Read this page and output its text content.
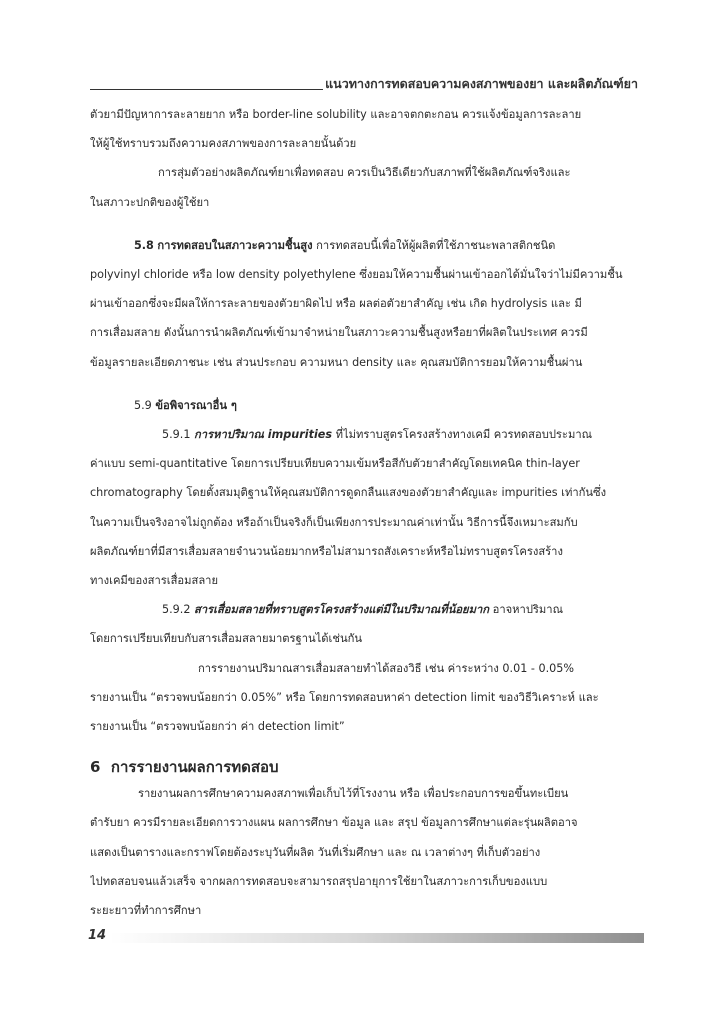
แนวทางการทดสอบความคงสภาพของยา และผลิตภัณฑ์ยา

ตัวยามีปัญหาการละลายยาก หรือ border-line solubility และอาจตกตะกอน ควรแจ้งข้อมูลการละลาย
ให้ผู้ใช้ทราบรวมถึงความคงสภาพของการละลายนั้นด้วย

การสุ่มตัวอย่างผลิตภัณฑ์ยาเพื่อทดสอบ ควรเป็นวิธีเดียวกับสภาพที่ใช้ผลิตภัณฑ์จริงและ
ในสภาวะปกติของผู้ใช้ยา

5.8 การทดสอบในสภาวะความชื้นสูง การทดสอบนี้เพื่อให้ผู้ผลิตที่ใช้ภาชนะพลาสติกชนิด
polyvinyl chloride หรือ low density polyethylene ซึ่งยอมให้ความชื้นผ่านเข้าออกได้มั่นใจว่าไม่มีความชื้น
ผ่านเข้าออกซึ่งจะมีผลให้การละลายของตัวยาผิดไป หรือ ผลต่อตัวยาสำคัญ เช่น เกิด hydrolysis และ มี
การเสื่อมสลาย ดังนั้นการนำผลิตภัณฑ์เข้ามาจำหน่ายในสภาวะความชื้นสูงหรือยาที่ผลิตในประเทศ ควรมี
ข้อมูลรายละเอียดภาชนะ เช่น ส่วนประกอบ ความหนา density และ คุณสมบัติการยอมให้ความชื้นผ่าน

5.9 ข้อพิจารณาอื่น ๆ

5.9.1 การหาปริมาณ impurities ที่ไม่ทราบสูตรโครงสร้างทางเคมี ควรทดสอบประมาณ
ค่าแบบ semi-quantitative โดยการเปรียบเทียบความเข้มหรือสีกับตัวยาสำคัญโดยเทคนิค thin-layer
chromatography โดยตั้งสมมุติฐานให้คุณสมบัติการดูดกลืนแสงของตัวยาสำคัญและ impurities เท่ากันซึ่ง
ในความเป็นจริงอาจไม่ถูกต้อง หรือถ้าเป็นจริงก็เป็นเพียงการประมาณค่าเท่านั้น วิธีการนี้จึงเหมาะสมกับ
ผลิตภัณฑ์ยาที่มีสารเสื่อมสลายจำนวนน้อยมากหรือไม่สามารถสังเคราะห์หรือไม่ทราบสูตรโครงสร้าง
ทางเคมีของสารเสื่อมสลาย

5.9.2 สารเสื่อมสลายที่ทราบสูตรโครงสร้างแต่มีในปริมาณที่น้อยมาก อาจหาปริมาณ
โดยการเปรียบเทียบกับสารเสื่อมสลายมาตรฐานได้เช่นกัน
การรายงานปริมาณสารเสื่อมสลายทำได้สองวิธี เช่น ค่าระหว่าง 0.01 - 0.05%
รายงานเป็น “ตรวจพบน้อยกว่า 0.05%” หรือ โดยการทดสอบหาค่า detection limit ของวิธีวิเคราะห์ และ
รายงานเป็น “ตรวจพบน้อยกว่า ค่า detection limit”

6 การรายงานผลการทดสอบ

รายงานผลการศึกษาความคงสภาพเพื่อเก็บไว้ที่โรงงาน หรือ เพื่อประกอบการขอขึ้นทะเบียน
ตำรับยา ควรมีรายละเอียดการวางแผน ผลการศึกษา ข้อมูล และ สรุป ข้อมูลการศึกษาแต่ละรุ่นผลิตอาจ
แสดงเป็นตารางและกราฟโดยต้องระบุวันที่ผลิต วันที่เริ่มศึกษา และ ณ เวลาต่างๆ ที่เก็บตัวอย่าง
ไปทดสอบจนแล้วเสร็จ จากผลการทดสอบจะสามารถสรุปอายุการใช้ยาในสภาวะการเก็บของแบบ
ระยะยาวที่ทำการศึกษา

14
